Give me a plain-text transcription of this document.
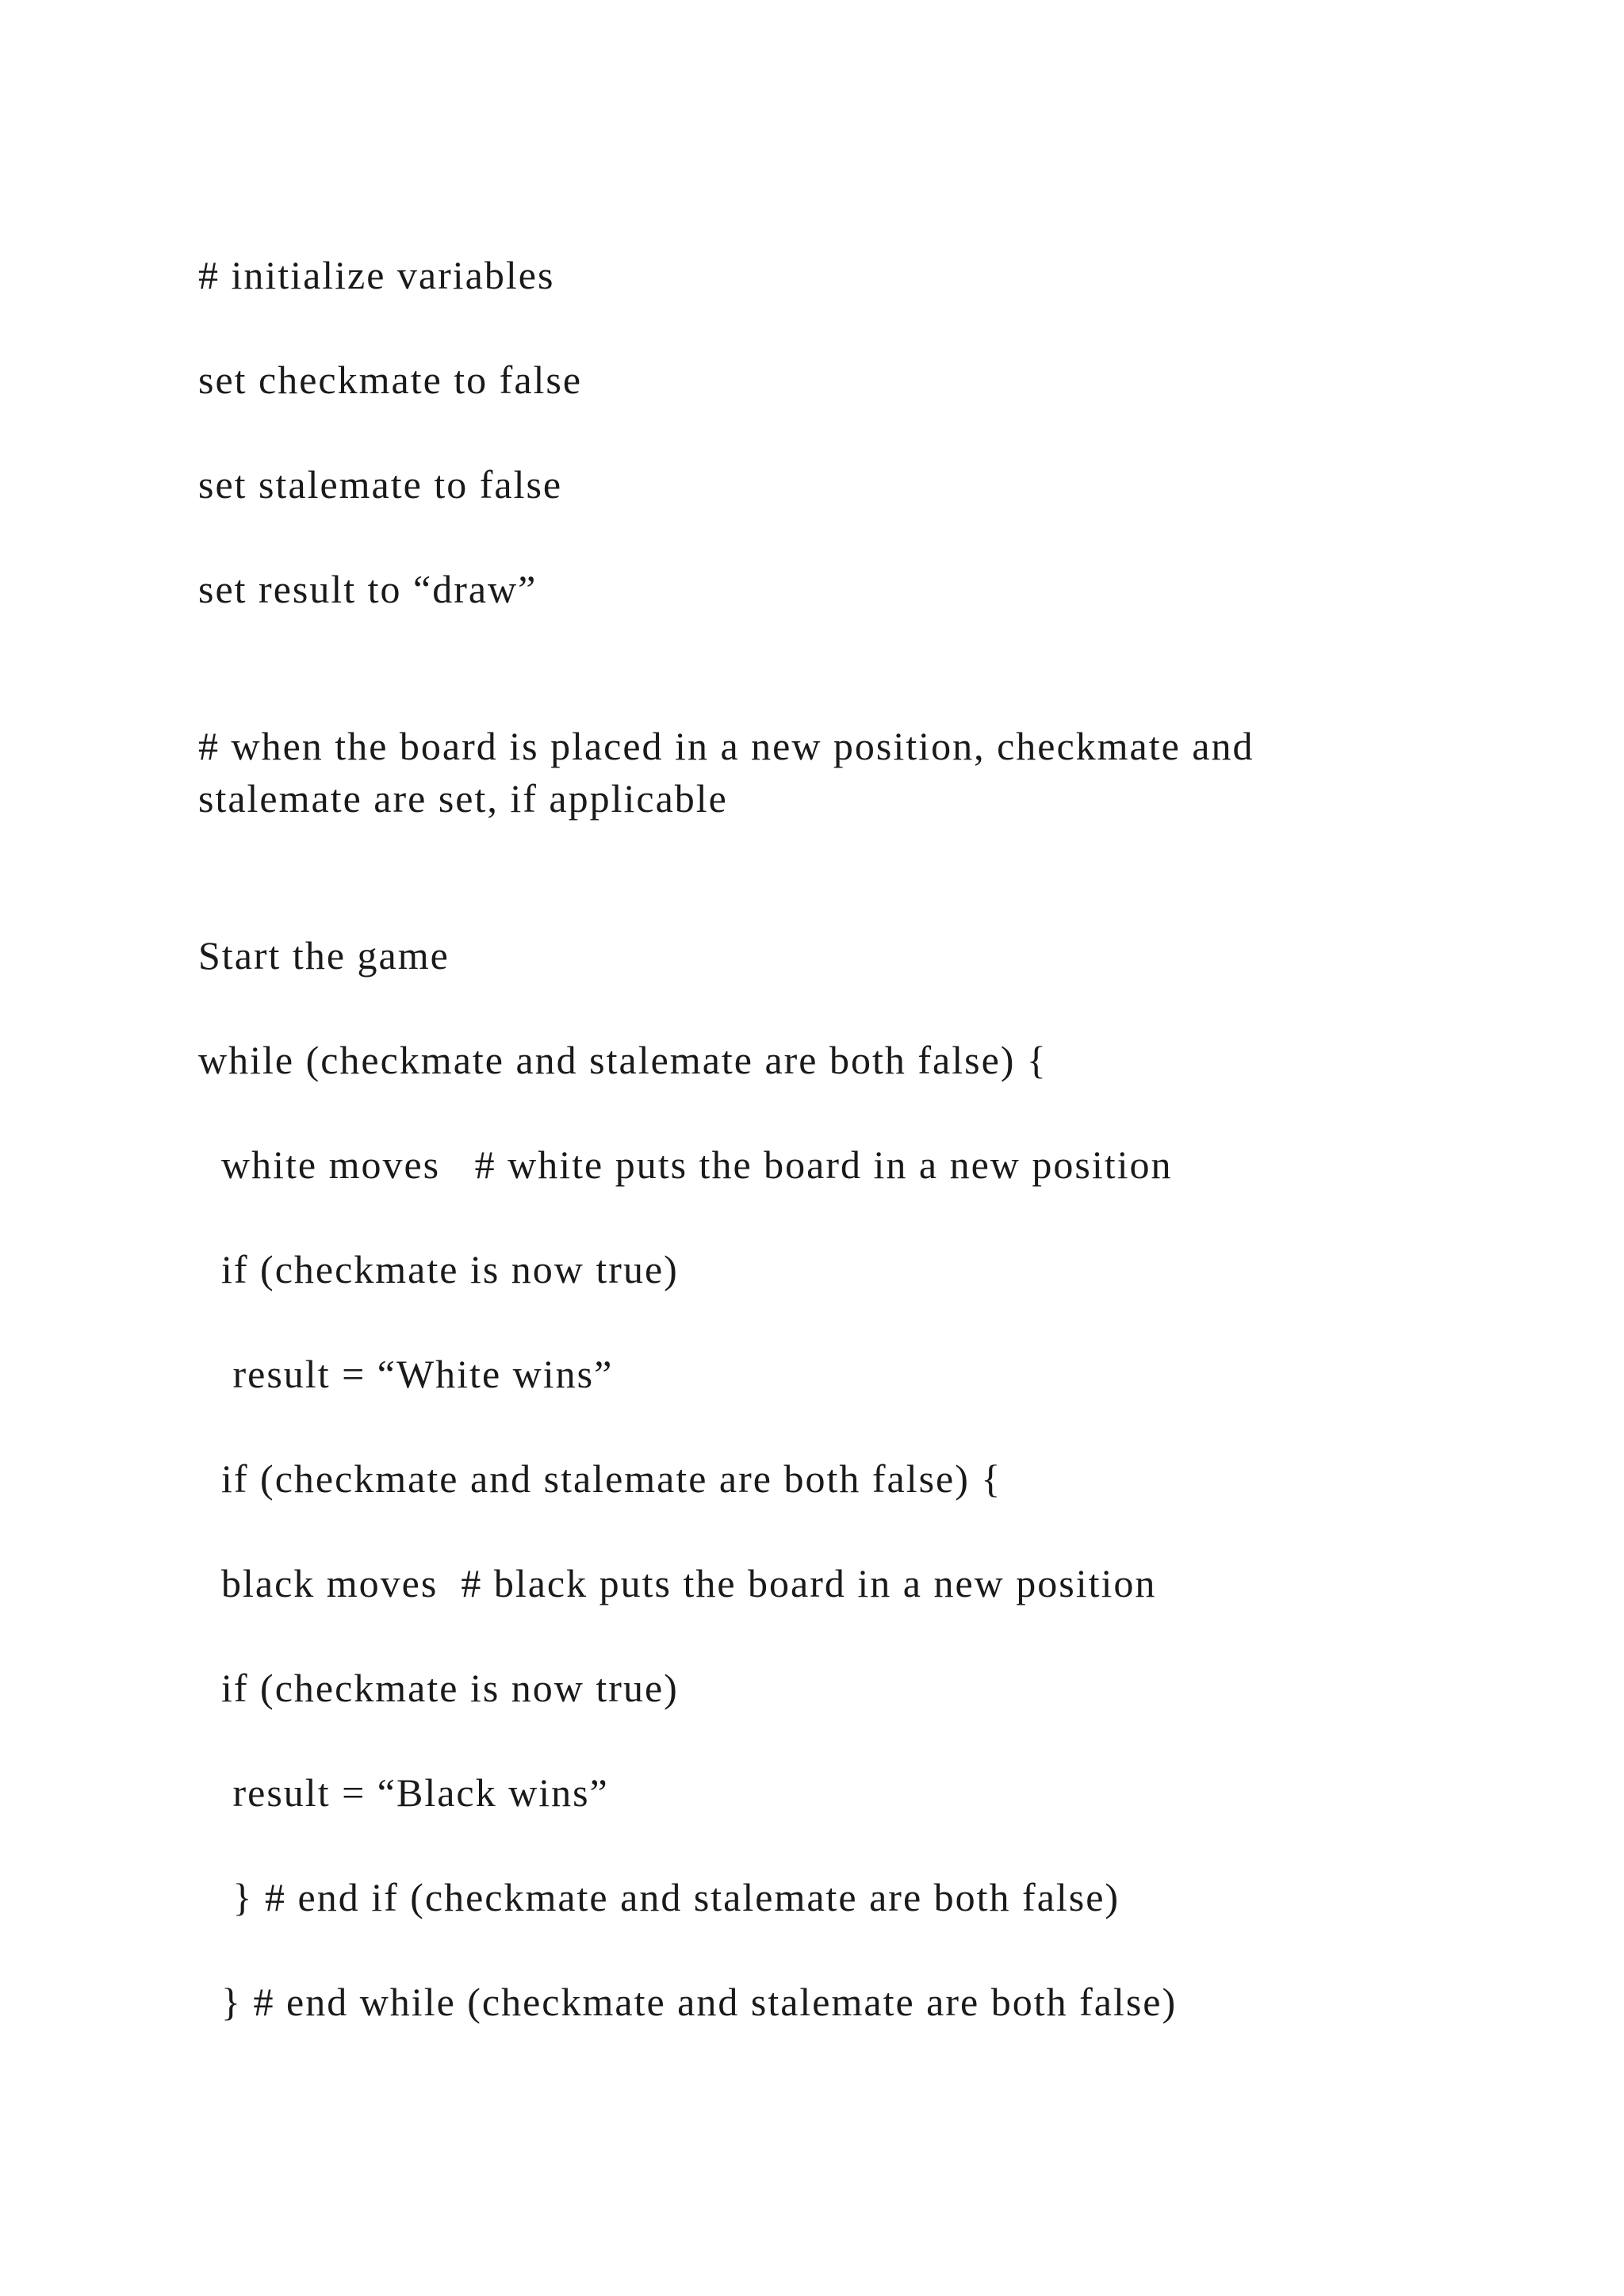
# initialize variables
set checkmate to false
set stalemate to false
set result to “draw”
# when the board is placed in a new position, checkmate and
stalemate are set, if applicable
Start the game
while (checkmate and stalemate are both false) {
white moves   # white puts the board in a new position
if (checkmate is now true)
result = “White wins”
if (checkmate and stalemate are both false) {
black moves  # black puts the board in a new position
if (checkmate is now true)
result = “Black wins”
} # end if (checkmate and stalemate are both false)
} # end while (checkmate and stalemate are both false)
